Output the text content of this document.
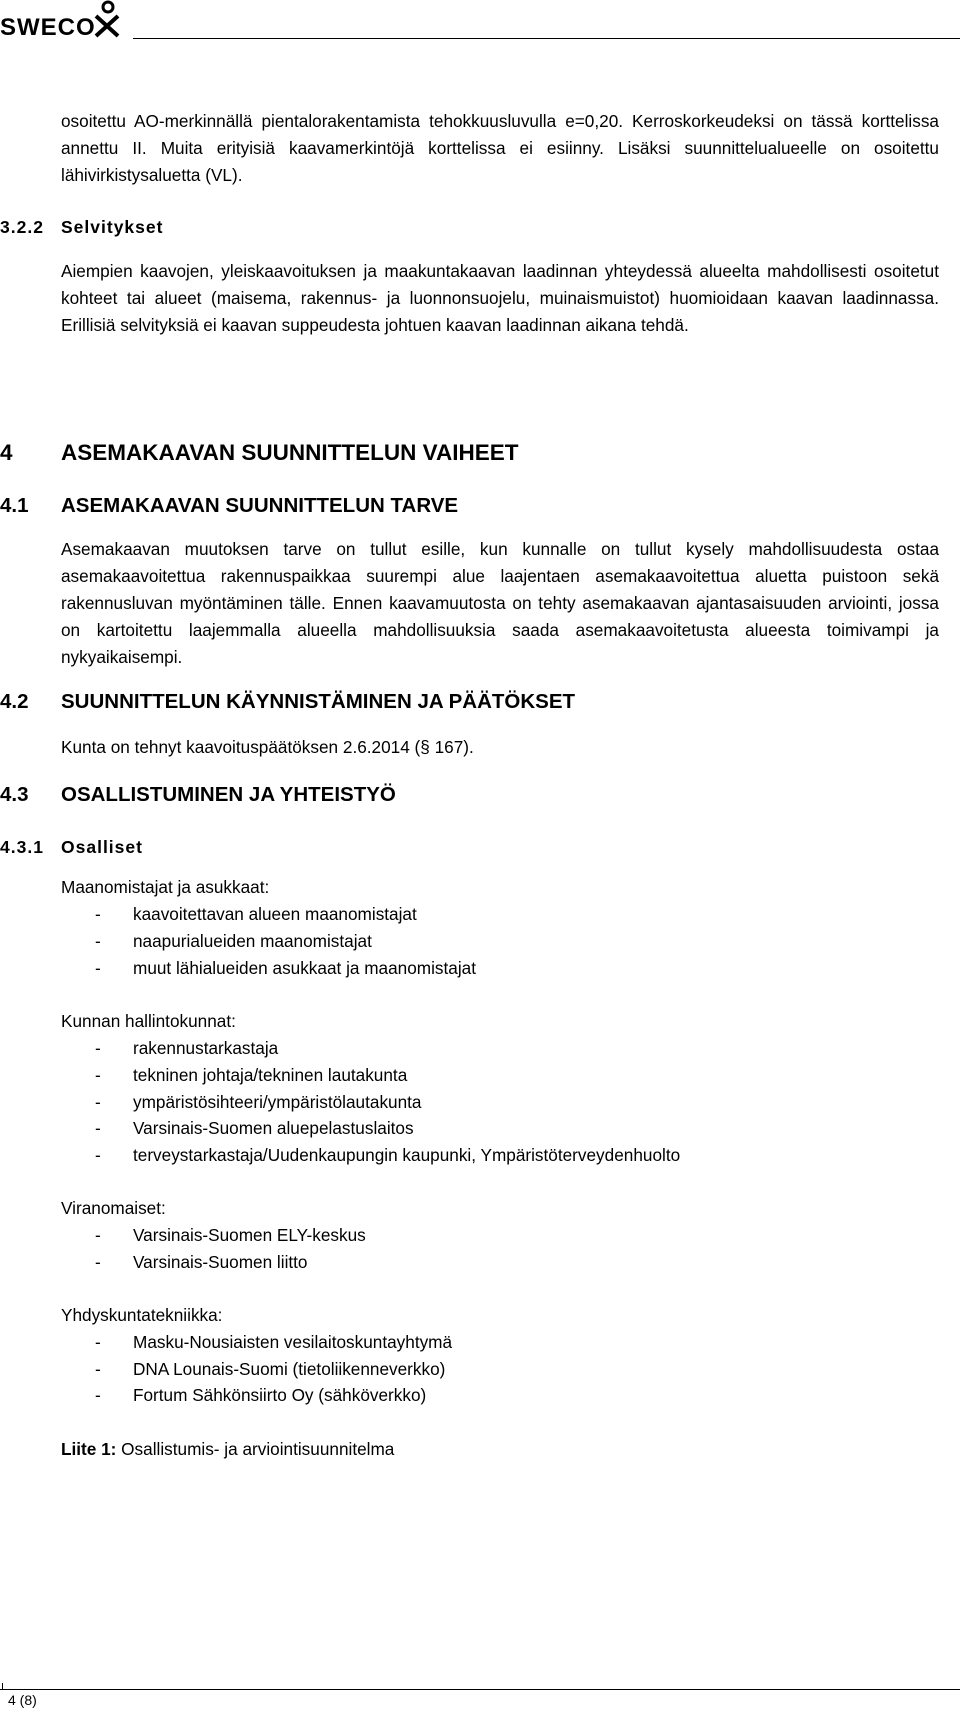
SWECO
osoitettu AO-merkinnällä pientalorakentamista tehokkuusluvulla e=0,20. Kerroskorkeudeksi on tässä korttelissa annettu II. Muita erityisiä kaavamerkintöjä korttelissa ei esiinny. Lisäksi suunnittelualueelle on osoitettu lähivirkistysaluetta (VL).
3.2.2 Selvitykset
Aiempien kaavojen, yleiskaavoituksen ja maakuntakaavan laadinnan yhteydessä alueelta mahdollisesti osoitetut kohteet tai alueet (maisema, rakennus- ja luonnonsuojelu, muinaismuistot) huomioidaan kaavan laadinnassa. Erillisiä selvityksiä ei kaavan suppeudesta johtuen kaavan laadinnan aikana tehdä.
4 ASEMAKAAVAN SUUNNITTELUN VAIHEET
4.1 ASEMAKAAVAN SUUNNITTELUN TARVE
Asemakaavan muutoksen tarve on tullut esille, kun kunnalle on tullut kysely mahdollisuudesta ostaa asemakaavoitettua rakennuspaikkaa suurempi alue laajentaen asemakaavoitettua aluetta puistoon sekä rakennusluvan myöntäminen tälle. Ennen kaavamuutosta on tehty asemakaavan ajantasaisuuden arviointi, jossa on kartoitettu laajemmalla alueella mahdollisuuksia saada asemakaavoitetusta alueesta toimivampi ja nykyaikaisempi.
4.2 SUUNNITTELUN KÄYNNISTÄMINEN JA PÄÄTÖKSET
Kunta on tehnyt kaavoituspäätöksen 2.6.2014 (§ 167).
4.3 OSALLISTUMINEN JA YHTEISTYÖ
4.3.1 Osalliset
Maanomistajat ja asukkaat:
- kaavoitettavan alueen maanomistajat
- naapurialueiden maanomistajat
- muut lähialueiden asukkaat ja maanomistajat
Kunnan hallintokunnat:
- rakennustarkastaja
- tekninen johtaja/tekninen lautakunta
- ympäristösihteeri/ympäristölautakunta
- Varsinais-Suomen aluepelastuslaitos
- terveystarkastaja/Uudenkaupungin kaupunki, Ympäristöterveydenhuolto
Viranomaiset:
- Varsinais-Suomen ELY-keskus
- Varsinais-Suomen liitto
Yhdyskuntatekniikka:
- Masku-Nousiaisten vesilaitoskuntayhtymä
- DNA Lounais-Suomi (tietoliikenneverkko)
- Fortum Sähkönsiirto Oy (sähköverkko)
Liite 1: Osallistumis- ja arviointisuunnitelma
4 (8)
